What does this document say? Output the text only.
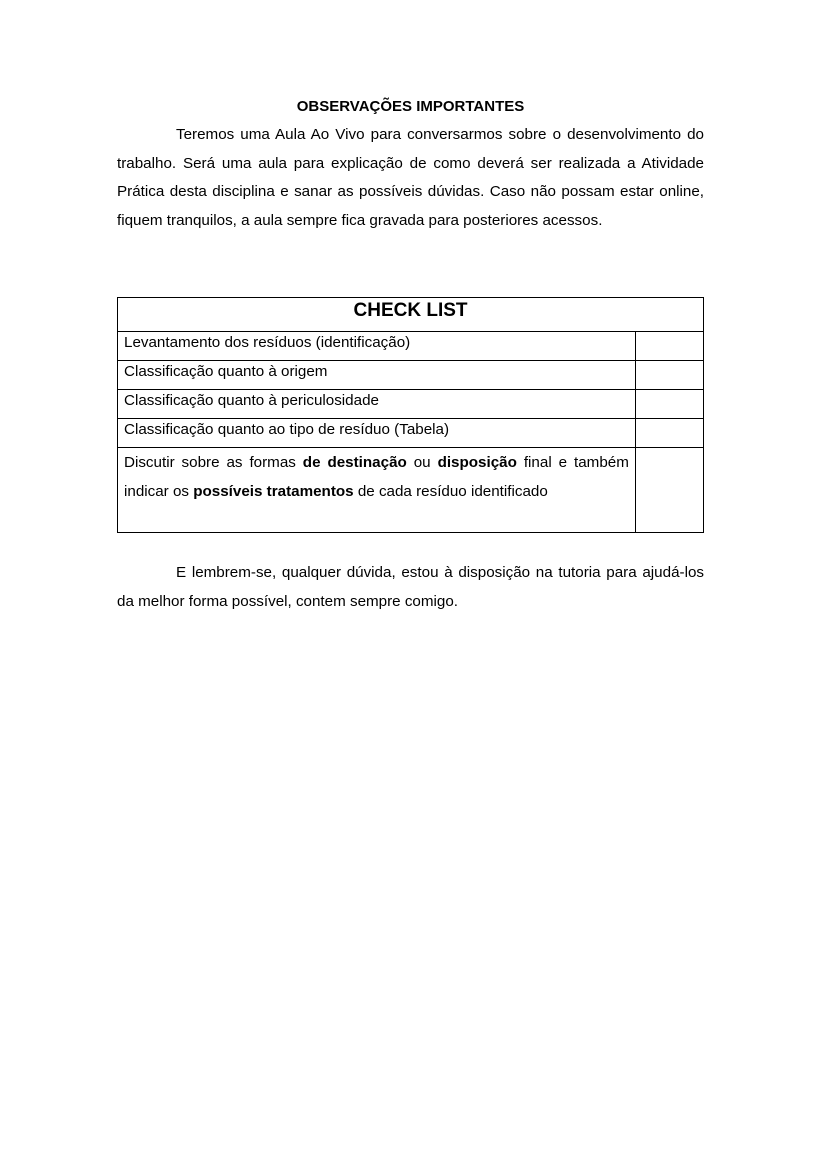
OBSERVAÇÕES IMPORTANTES

Teremos uma Aula Ao Vivo para conversarmos sobre o desenvolvimento do trabalho. Será uma aula para explicação de como deverá ser realizada a Atividade Prática desta disciplina e sanar as possíveis dúvidas. Caso não possam estar online, fiquem tranquilos, a aula sempre fica gravada para posteriores acessos.

CHECK LIST	
Levantamento dos resíduos (identificação)	
Classificação quanto à origem	
Classificação quanto à periculosidade	
Classificação quanto ao tipo de resíduo (Tabela)	
Discutir sobre as formas de destinação ou disposição final e também indicar os possíveis tratamentos de cada resíduo identificado	

E lembrem-se, qualquer dúvida, estou à disposição na tutoria para ajudá-los da melhor forma possível, contem sempre comigo.
